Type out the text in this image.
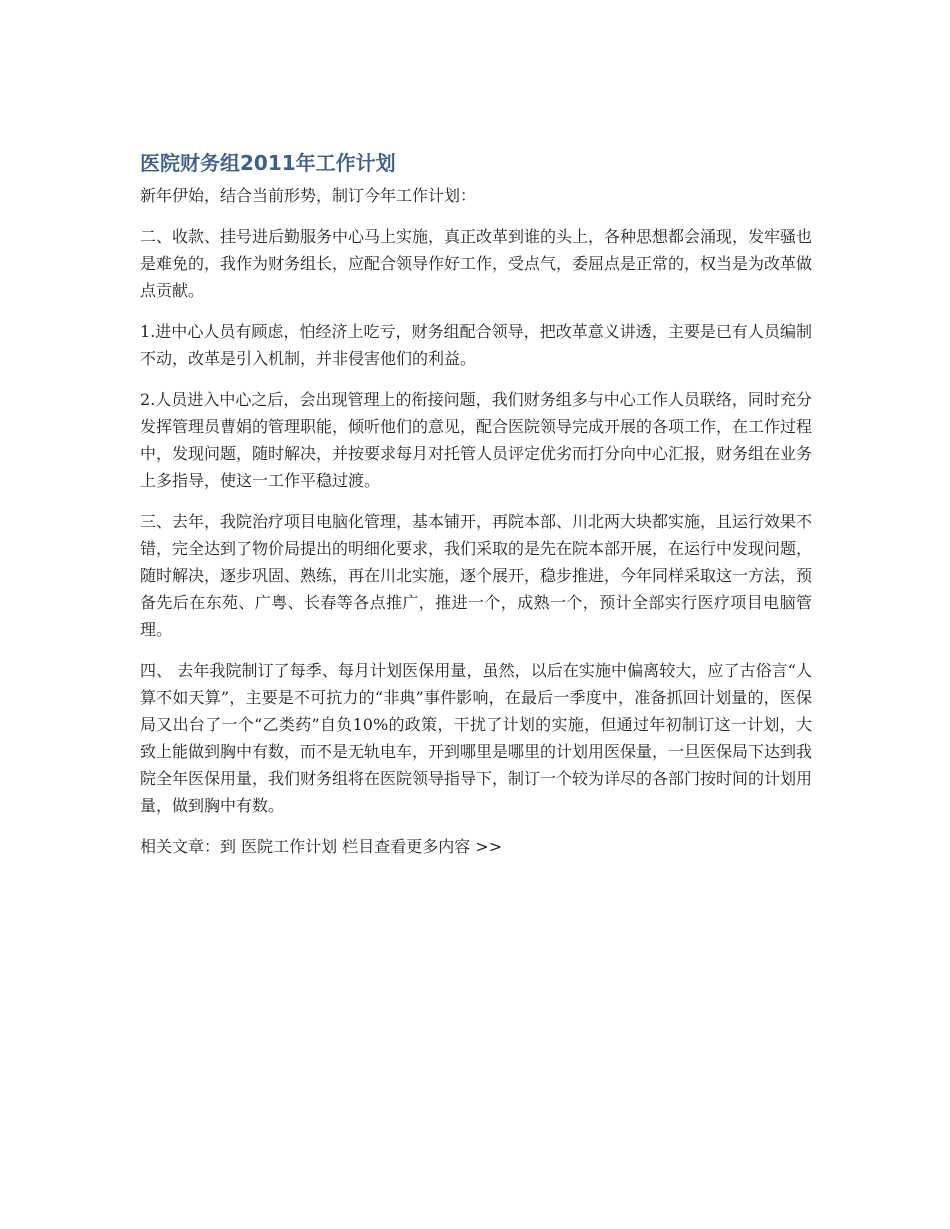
医院财务组2011年工作计划

新年伊始，结合当前形势，制订今年工作计划：

二、收款、挂号进后勤服务中心马上实施，真正改革到谁的头上，各种思想都会涌现，发牢骚也是难免的，我作为财务组长，应配合领导作好工作，受点气，委屈点是正常的，权当是为改革做点贡献。

1.进中心人员有顾虑，怕经济上吃亏，财务组配合领导，把改革意义讲透，主要是已有人员编制不动，改革是引入机制，并非侵害他们的利益。

2.人员进入中心之后，会出现管理上的衔接问题，我们财务组多与中心工作人员联络，同时充分发挥管理员曹娟的管理职能，倾听他们的意见，配合医院领导完成开展的各项工作，在工作过程中，发现问题，随时解决，并按要求每月对托管人员评定优劣而打分向中心汇报，财务组在业务上多指导，使这一工作平稳过渡。

三、去年，我院治疗项目电脑化管理，基本铺开，再院本部、川北两大块都实施，且运行效果不错，完全达到了物价局提出的明细化要求，我们采取的是先在院本部开展，在运行中发现问题，随时解决，逐步巩固、熟练，再在川北实施，逐个展开，稳步推进，今年同样采取这一方法，预备先后在东苑、广粤、长春等各点推广，推进一个，成熟一个，预计全部实行医疗项目电脑管理。

四、 去年我院制订了每季、每月计划医保用量，虽然，以后在实施中偏离较大，应了古俗言“人算不如天算”，主要是不可抗力的“非典”事件影响，在最后一季度中，准备抓回计划量的，医保局又出台了一个“乙类药”自负10%的政策，干扰了计划的实施，但通过年初制订这一计划，大致上能做到胸中有数，而不是无轨电车，开到哪里是哪里的计划用医保量，一旦医保局下达到我院全年医保用量，我们财务组将在医院领导指导下，制订一个较为详尽的各部门按时间的计划用量，做到胸中有数。

相关文章：到 医院工作计划 栏目查看更多内容 >>
